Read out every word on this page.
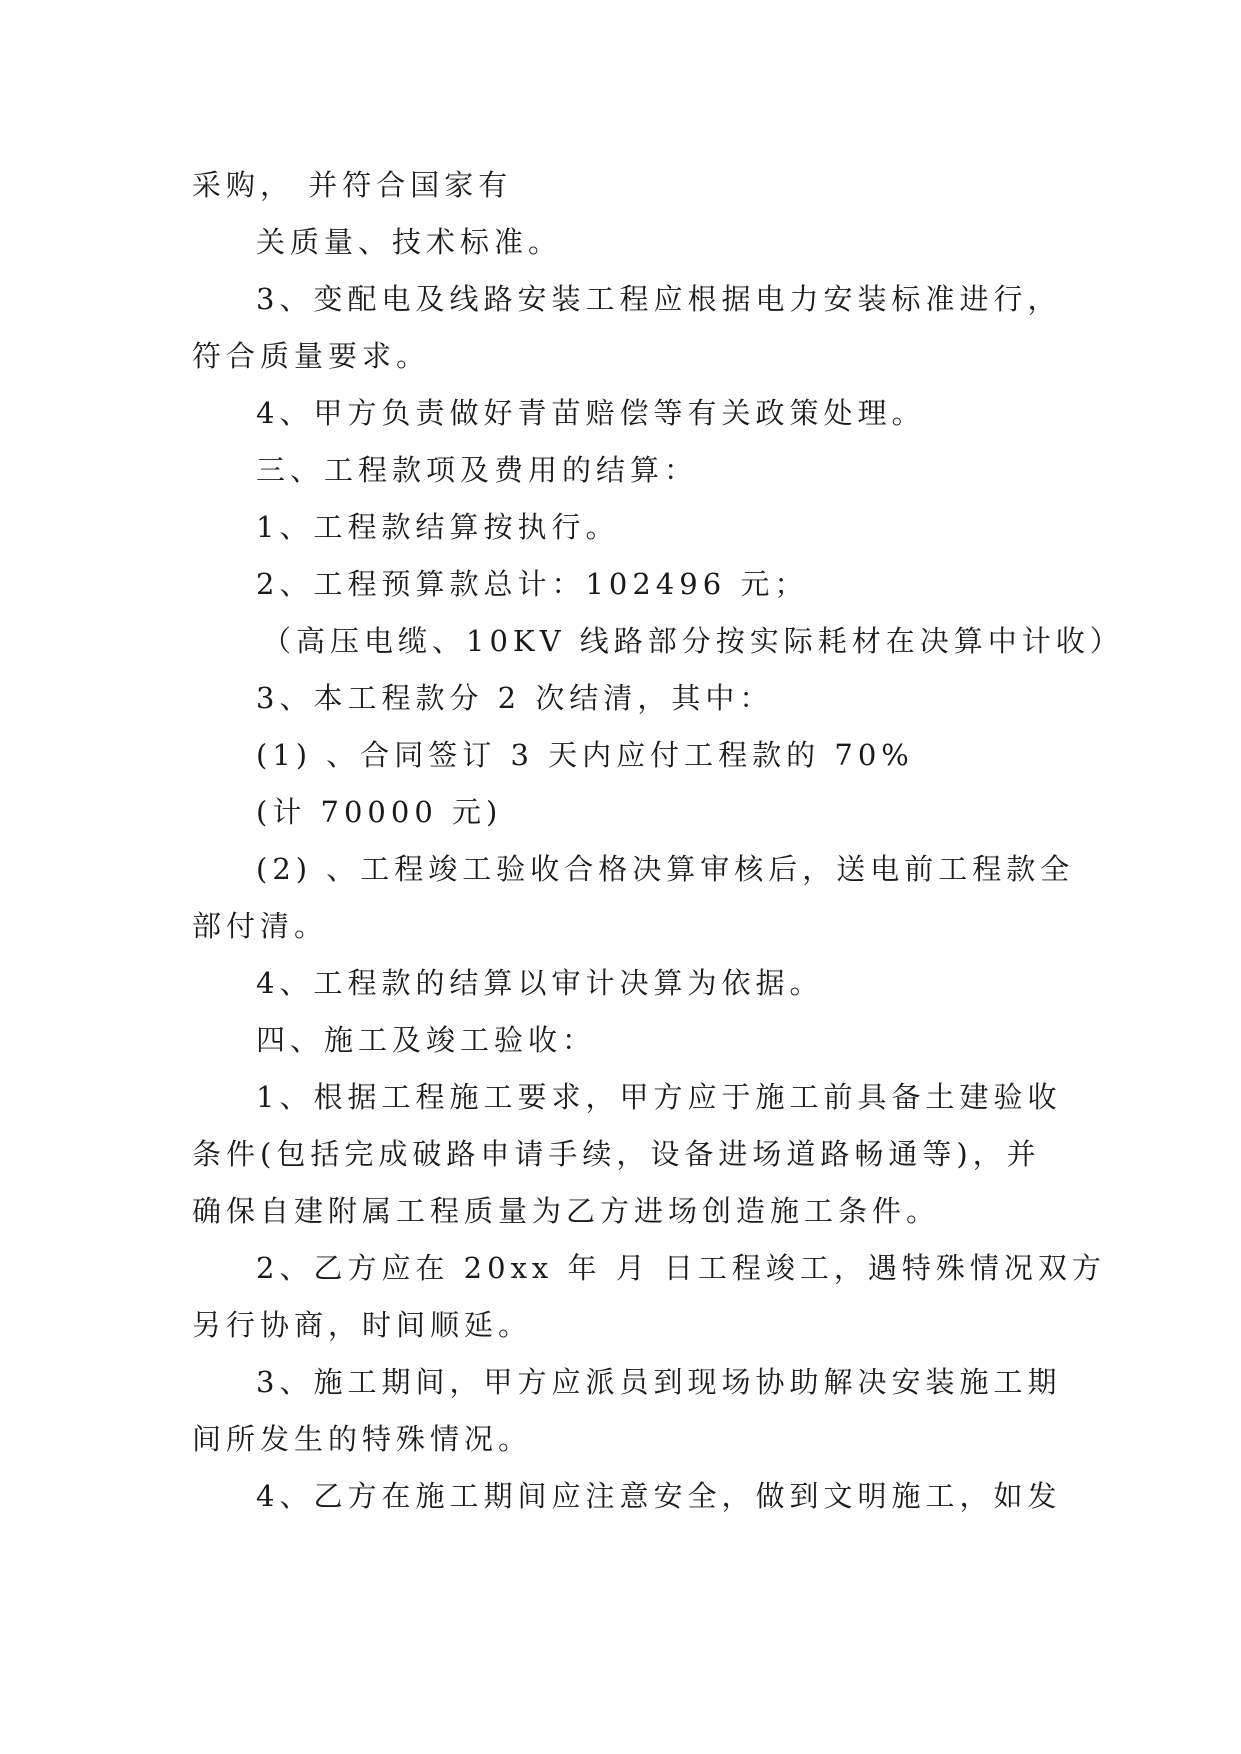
采购， 并符合国家有
关质量、技术标准。
3、变配电及线路安装工程应根据电力安装标准进行，
符合质量要求。
4、甲方负责做好青苗赔偿等有关政策处理。
三、工程款项及费用的结算：
1、工程款结算按执行。
2、工程预算款总计：102496 元；
（高压电缆、10KV 线路部分按实际耗材在决算中计收）
3、本工程款分 2 次结清，其中：
(1) 、合同签订 3 天内应付工程款的 70%
(计 70000 元)
(2) 、工程竣工验收合格决算审核后，送电前工程款全
部付清。
4、工程款的结算以审计决算为依据。
四、施工及竣工验收：
1、根据工程施工要求，甲方应于施工前具备土建验收
条件(包括完成破路申请手续，设备进场道路畅通等)，并
确保自建附属工程质量为乙方进场创造施工条件。
2、乙方应在 20xx 年 月 日工程竣工，遇特殊情况双方
另行协商，时间顺延。
3、施工期间，甲方应派员到现场协助解决安装施工期
间所发生的特殊情况。
4、乙方在施工期间应注意安全，做到文明施工，如发
